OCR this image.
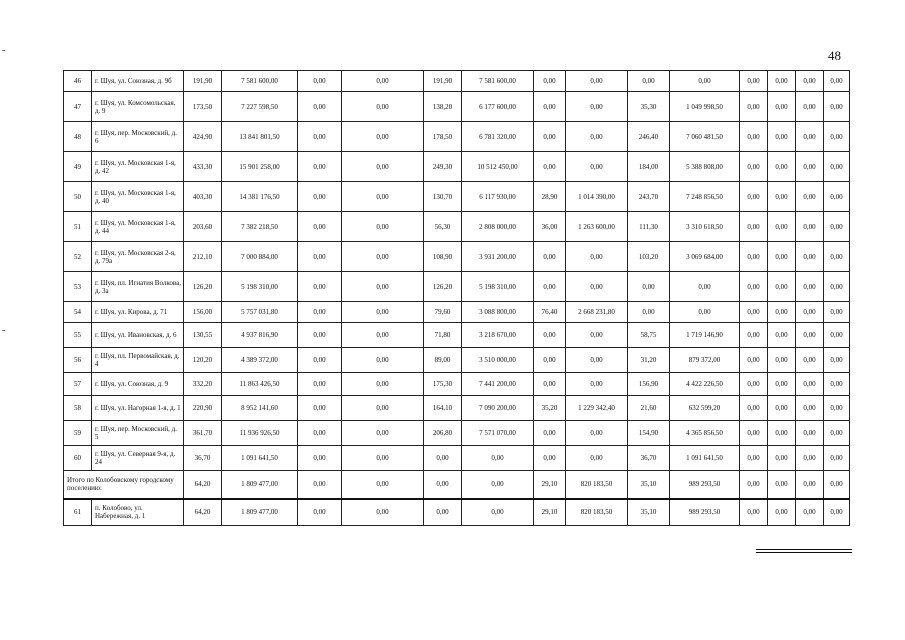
48
46	г. Шуя, ул. Союзная, д. 9б	191,90	7 581 600,00	0,00	0,00	191,90	7 581 600,00	0,00	0,00	0,00	0,00	0,00	0,00	0,00	0,00
47	г. Шуя, ул. Комсомольская, д. 9	173,50	7 227 598,50	0,00	0,00	138,20	6 177 600,00	0,00	0,00	35,30	1 049 998,50	0,00	0,00	0,00	0,00
48	г. Шуя, пер. Московский, д. 6	424,90	13 841 801,50	0,00	0,00	178,50	6 781 320,00	0,00	0,00	246,40	7 060 481,50	0,00	0,00	0,00	0,00
49	г. Шуя, ул. Московская 1-я, д. 42	433,30	15 901 258,00	0,00	0,00	249,30	10 512 450,00	0,00	0,00	184,00	5 388 808,00	0,00	0,00	0,00	0,00
50	г. Шуя, ул. Московская 1-я, д. 40	403,30	14 381 176,50	0,00	0,00	130,70	6 117 930,00	28,90	1 014 390,00	243,70	7 248 856,50	0,00	0,00	0,00	0,00
51	г. Шуя, ул. Московская 1-я, д. 44	203,60	7 382 218,50	0,00	0,00	56,30	2 808 000,00	36,00	1 263 600,00	111,30	3 310 618,50	0,00	0,00	0,00	0,00
52	г. Шуя, ул. Московская 2-я, д. 79а	212,10	7 000 884,00	0,00	0,00	108,90	3 931 200,00	0,00	0,00	103,20	3 069 684,00	0,00	0,00	0,00	0,00
53	г. Шуя, пл. Игнатия Волкова, д. 3а	126,20	5 198 310,00	0,00	0,00	126,20	5 198 310,00	0,00	0,00	0,00	0,00	0,00	0,00	0,00	0,00
54	г. Шуя, ул. Кирова, д. 71	156,00	5 757 031,80	0,00	0,00	79,60	3 088 800,00	76,40	2 668 231,80	0,00	0,00	0,00	0,00	0,00	0,00
55	г. Шуя, ул. Ивановская, д. 6	130,55	4 937 816,90	0,00	0,00	71,80	3 218 670,00	0,00	0,00	58,75	1 719 146,90	0,00	0,00	0,00	0,00
56	г. Шуя, пл. Первомайская, д. 4	120,20	4 389 372,00	0,00	0,00	89,00	3 510 000,00	0,00	0,00	31,20	879 372,00	0,00	0,00	0,00	0,00
57	г. Шуя, ул. Союзная, д. 9	332,20	11 863 426,50	0,00	0,00	175,30	7 441 200,00	0,00	0,00	156,90	4 422 226,50	0,00	0,00	0,00	0,00
58	г. Шуя, ул. Нагорная 1-я, д. 1	220,90	8 952 141,60	0,00	0,00	164,10	7 090 200,00	35,20	1 229 342,40	21,60	632 599,20	0,00	0,00	0,00	0,00
59	г. Шуя, пер. Московский, д. 5	361,70	11 936 926,50	0,00	0,00	206,80	7 571 070,00	0,00	0,00	154,90	4 365 856,50	0,00	0,00	0,00	0,00
60	г. Шуя, ул. Северная 9-я, д. 24	36,70	1 091 641,50	0,00	0,00	0,00	0,00	0,00	0,00	36,70	1 091 641,50	0,00	0,00	0,00	0,00
Итого по Колобовскому городскому поселению:		64,20	1 809 477,00	0,00	0,00	0,00	0,00	29,10	820 183,50	35,10	989 293,50	0,00	0,00	0,00	0,00
61	п. Колобово, ул. Набережная, д. 1	64,20	1 809 477,00	0,00	0,00	0,00	0,00	29,10	820 183,50	35,10	989 293,50	0,00	0,00	0,00	0,00
